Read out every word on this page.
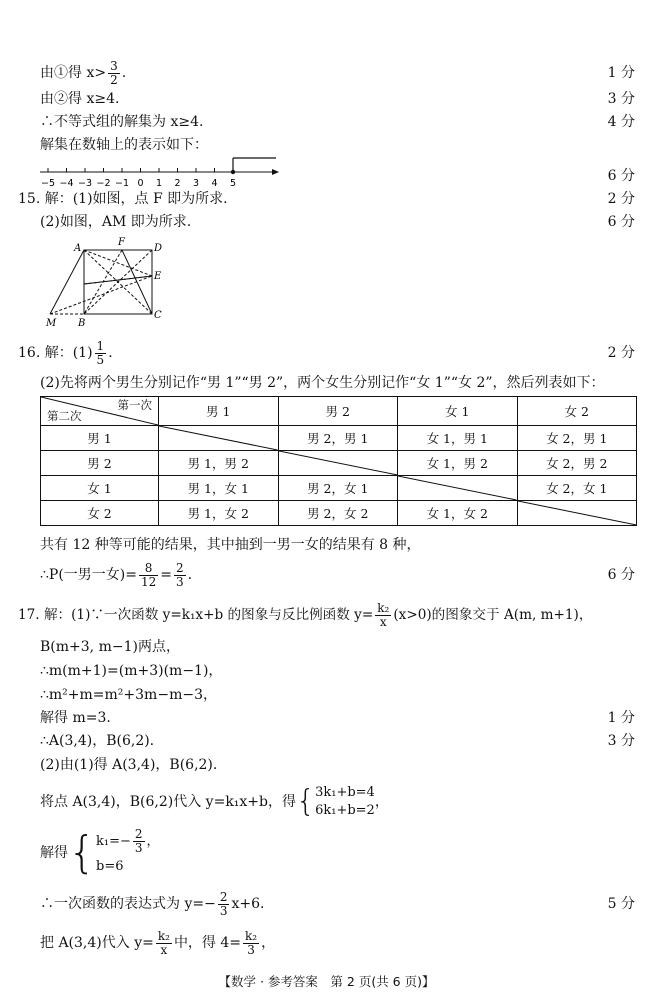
由①得 $x> \frac{3}{2}$ .	1 分
由②得 x≥4.	3 分
∴不等式组的解集为 x≥4.	4 分
解集在数轴上的表示如下：
−5 −4 −3 −2 −1 0 1 2 3 4 5	6 分
15. 解：(1)如图，点 F 即为所求.	2 分
(2)如图，AM 即为所求.	6 分
A
F
D
E
M B
C
16. 解：$(1) \frac{1}{5}$ .	2 分
(2)先将两个男生分别记作“男 1”“男 2”，两个女生分别记作“女 1”“女 2”，然后列表如下：
第一次
第二次	男 1	男 2	女 1	女 2
男 1		男 2，男 1	女 1，男 1	女 2，男 1
男 2	男 1，男 2		女 1，男 2	女 2，男 2
女 1	男 1，女 1	男 2，女 1		女 2，女 1
女 2	男 1，女 2	男 2，女 2	女 1，女 2	
共有 12 种等可能的结果，其中抽到一男一女的结果有 8 种，
∴P(一男一女)= $\frac{8}{12} = \frac{2}{3}$ .	6 分
17. 解：(1)∵一次函数 y=k₁x+b 的图象与反比例函数 $y= \frac{\text{k₂}}{x} (x>0)$的图象交于 A(m, m+1)，
B(m+3, m−1)两点，
∴m(m+1)=(m+3)(m−1)，
∴m²+m=m²+3m−m−3，
解得 m=3.	1 分
∴A(3,4)，B(6,2).	3 分
(2)由(1)得 A(3,4)，B(6,2).
将点 A(3,4)，B(6,2)代入 y=k₁x+b，得{ 3k₁+b=4
6k₁+b=2
，
解得{ $k_1=- \frac{2}{3}$ ，
b=6
∴一次函数的表达式为 $y=- \frac{2}{3} x+6$.	5 分
把 A(3,4)代入 $y= \frac{\text{k₂}}{x}$ 中，得 $4= \frac{\text{k₂}}{3}$ ，
【数学 · 参考答案　第 2 页(共 6 页)】
